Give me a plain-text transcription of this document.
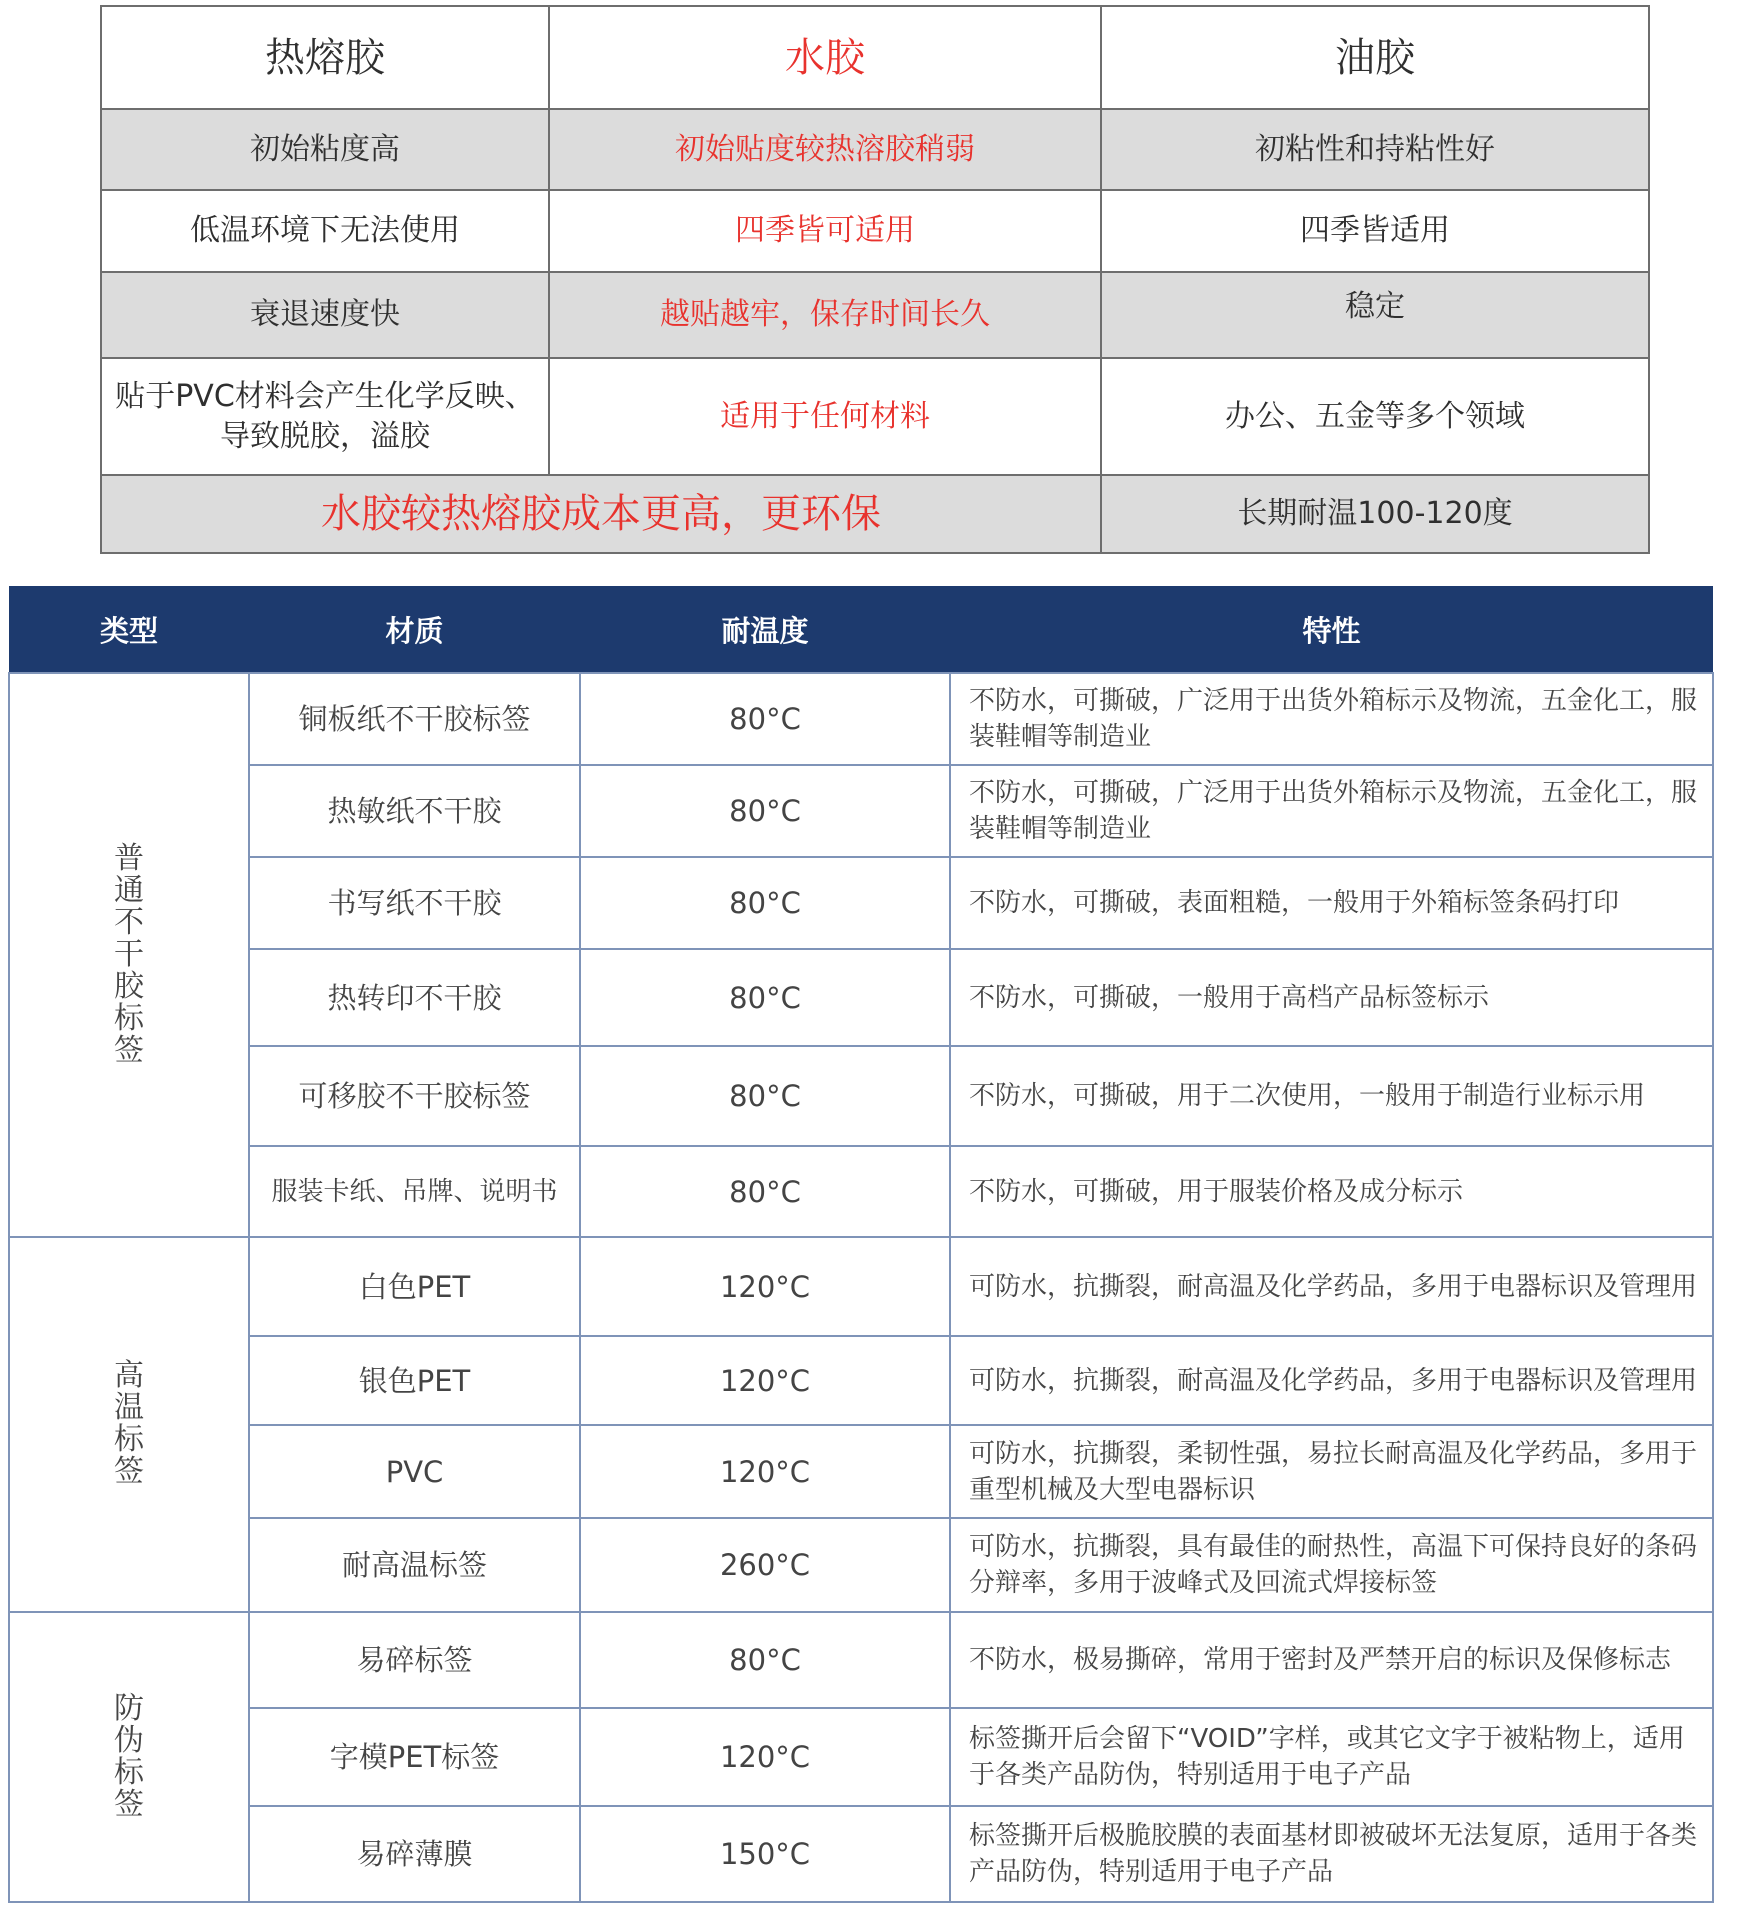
热熔胶	水胶	油胶
初始粘度高	初始贴度较热溶胶稍弱	初粘性和持粘性好
低温环境下无法使用	四季皆可适用	四季皆适用
衰退速度快	越贴越牢，保存时间长久	稳定
贴于PVC材料会产生化学反映、导致脱胶，溢胶	适用于任何材料	办公、五金等多个领域
水胶较热熔胶成本更高，更环保		长期耐温100-120度
类型	材质	耐温度	特性
普通不干胶标签	铜板纸不干胶标签	80°C	不防水，可撕破，广泛用于出货外箱标示及物流，五金化工，服装鞋帽等制造业
	热敏纸不干胶	80°C	不防水，可撕破，广泛用于出货外箱标示及物流，五金化工，服装鞋帽等制造业
	书写纸不干胶	80°C	不防水，可撕破，表面粗糙，一般用于外箱标签条码打印
	热转印不干胶	80°C	不防水，可撕破，一般用于高档产品标签标示
	可移胶不干胶标签	80°C	不防水，可撕破，用于二次使用，一般用于制造行业标示用
	服装卡纸、吊牌、说明书	80°C	不防水，可撕破，用于服装价格及成分标示
高温标签	白色PET	120°C	可防水，抗撕裂，耐高温及化学药品，多用于电器标识及管理用
	银色PET	120°C	可防水，抗撕裂，耐高温及化学药品，多用于电器标识及管理用
	PVC	120°C	可防水，抗撕裂，柔韧性强，易拉长耐高温及化学药品，多用于重型机械及大型电器标识
	耐高温标签	260°C	可防水，抗撕裂，具有最佳的耐热性，高温下可保持良好的条码分辩率，多用于波峰式及回流式焊接标签
防伪标签	易碎标签	80°C	不防水，极易撕碎，常用于密封及严禁开启的标识及保修标志
	字模PET标签	120°C	标签撕开后会留下“VOID”字样，或其它文字于被粘物上，适用于各类产品防伪，特别适用于电子产品
	易碎薄膜	150°C	标签撕开后极脆胶膜的表面基材即被破坏无法复原，适用于各类产品防伪，特别适用于电子产品
